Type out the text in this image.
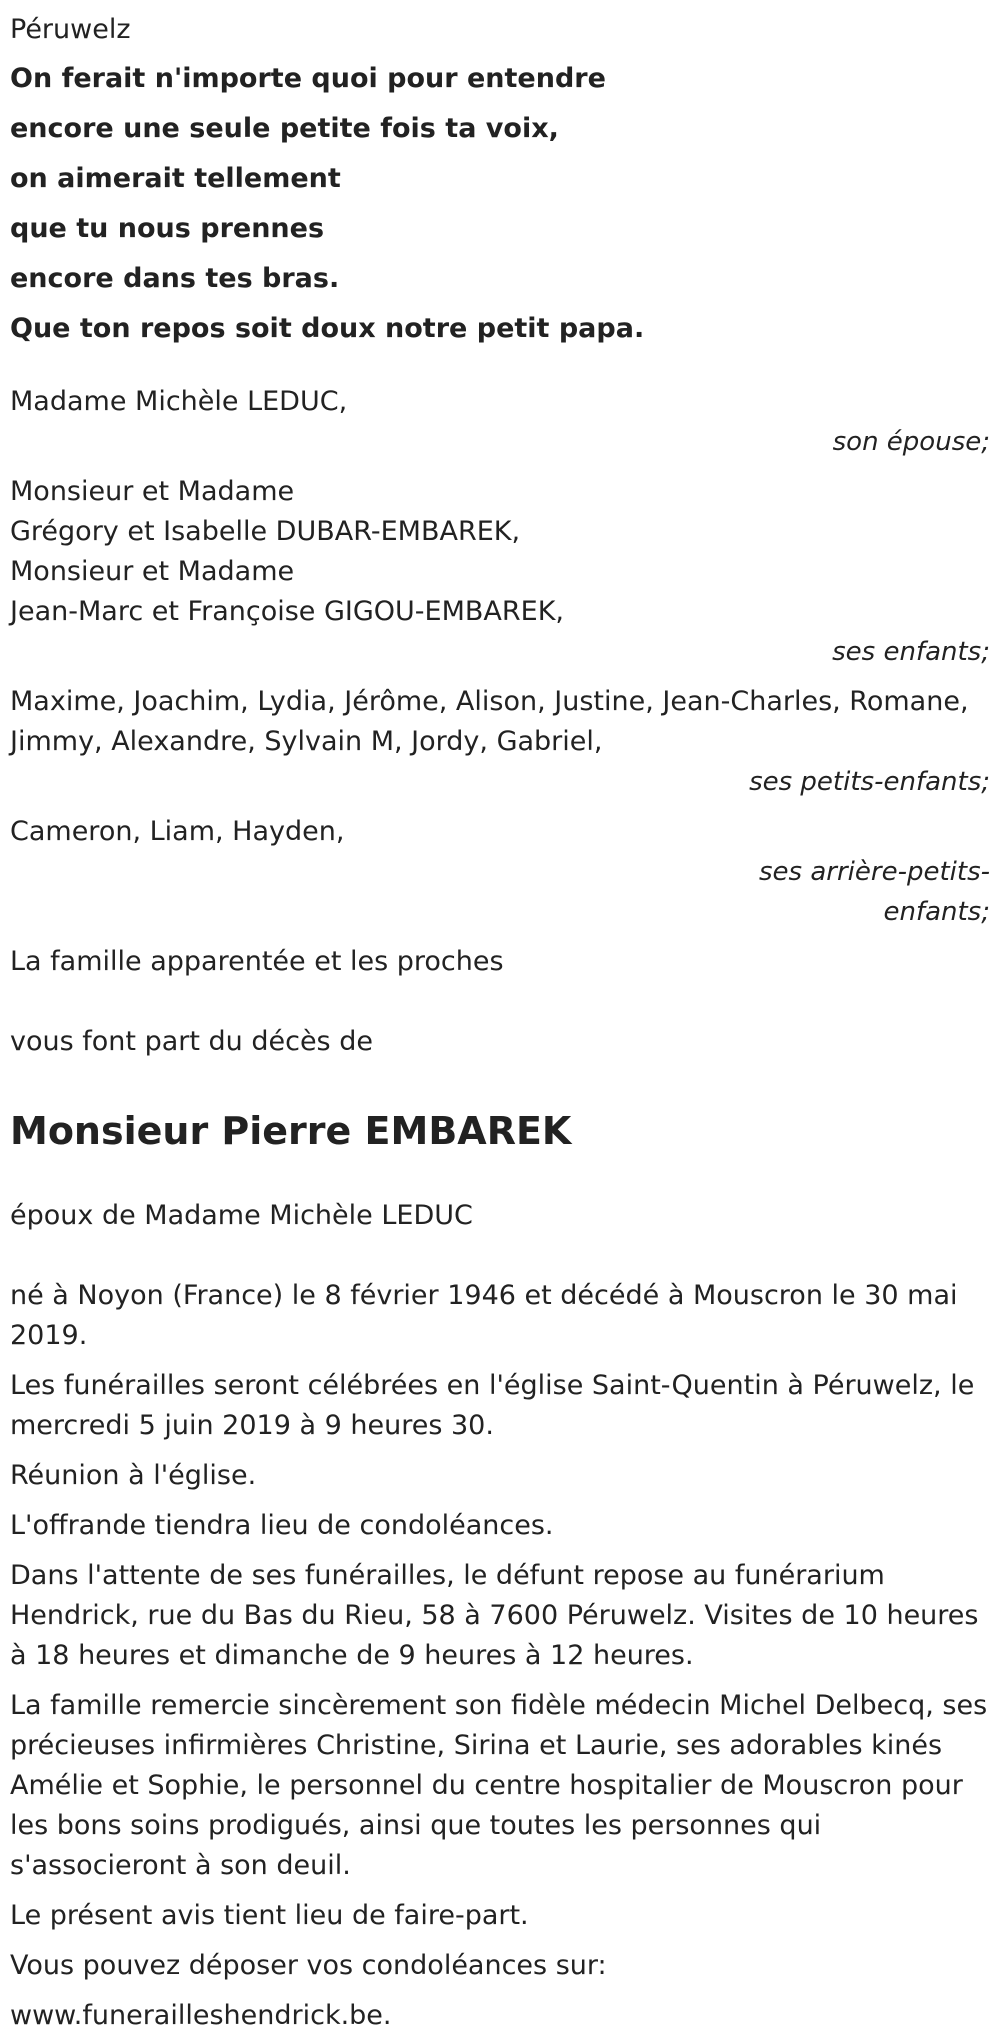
Péruwelz
On ferait n'importe quoi pour entendre
encore une seule petite fois ta voix,
on aimerait tellement
que tu nous prennes
encore dans tes bras.
Que ton repos soit doux notre petit papa.
Madame Michèle LEDUC,
son épouse;
Monsieur et Madame
Grégory et Isabelle DUBAR-EMBAREK,
Monsieur et Madame
Jean-Marc et Françoise GIGOU-EMBAREK,
ses enfants;
Maxime, Joachim, Lydia, Jérôme, Alison, Justine, Jean-Charles, Romane,
Jimmy, Alexandre, Sylvain M, Jordy, Gabriel,
ses petits-enfants;
Cameron, Liam, Hayden,
ses arrière-petits-
enfants;
La famille apparentée et les proches
vous font part du décès de
Monsieur Pierre EMBAREK
époux de Madame Michèle LEDUC
né à Noyon (France) le 8 février 1946 et décédé à Mouscron le 30 mai 2019.
Les funérailles seront célébrées en l'église Saint-Quentin à Péruwelz, le mercredi 5 juin 2019 à 9 heures 30.
Réunion à l'église.
L'offrande tiendra lieu de condoléances.
Dans l'attente de ses funérailles, le défunt repose au funérarium Hendrick, rue du Bas du Rieu, 58 à 7600 Péruwelz. Visites de 10 heures à 18 heures et dimanche de 9 heures à 12 heures.
La famille remercie sincèrement son fidèle médecin Michel Delbecq, ses précieuses infirmières Christine, Sirina et Laurie, ses adorables kinés Amélie et Sophie, le personnel du centre hospitalier de Mouscron pour les bons soins prodigués, ainsi que toutes les personnes qui s'associeront à son deuil.
Le présent avis tient lieu de faire-part.
Vous pouvez déposer vos condoléances sur:
www.funerailleshendrick.be.
